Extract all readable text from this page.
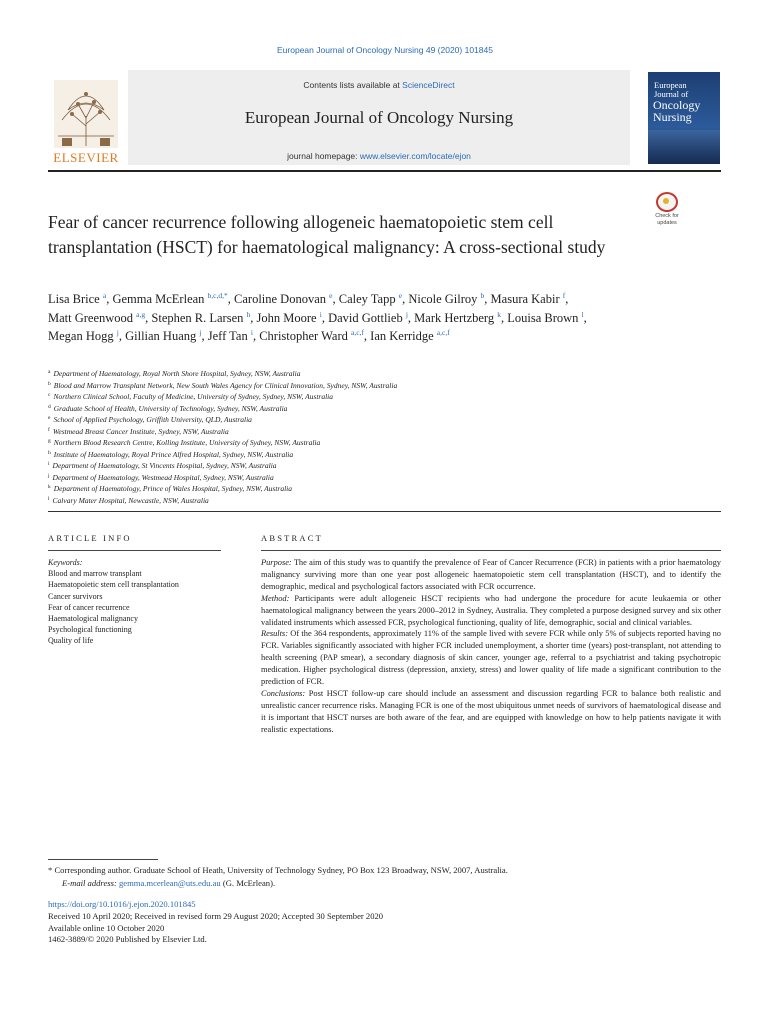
European Journal of Oncology Nursing 49 (2020) 101845
Contents lists available at ScienceDirect
European Journal of Oncology Nursing
journal homepage: www.elsevier.com/locate/ejon
ELSEVIER
European
Journal of
Oncology
Nursing
Check for
updates
Fear of cancer recurrence following allogeneic haematopoietic stem cell transplantation (HSCT) for haematological malignancy: A cross-sectional study
Lisa Brice $^a$, Gemma McErlean $^{b,c,d,*}$, Caroline Donovan $^e$, Caley Tapp $^e$, Nicole Gilroy $^b$, Masura Kabir $^f$, Matt Greenwood $^{a,g}$, Stephen R. Larsen $^h$, John Moore $^i$, David Gottlieb $^j$, Mark Hertzberg $^k$, Louisa Brown $^l$, Megan Hogg $^j$, Gillian Huang $^j$, Jeff Tan $^i$, Christopher Ward $^{a,c,f}$, Ian Kerridge $^{a,c,f}$
$^a$ Department of Haematology, Royal North Shore Hospital, Sydney, NSW, Australia
$^b$ Blood and Marrow Transplant Network, New South Wales Agency for Clinical Innovation, Sydney, NSW, Australia
$^c$ Northern Clinical School, Faculty of Medicine, University of Sydney, Sydney, NSW, Australia
$^d$ Graduate School of Health, University of Technology, Sydney, NSW, Australia
$^e$ School of Applied Psychology, Griffith University, QLD, Australia
$^f$ Westmead Breast Cancer Institute, Sydney, NSW, Australia
$^g$ Northern Blood Research Centre, Kolling Institute, University of Sydney, NSW, Australia
$^h$ Institute of Haematology, Royal Prince Alfred Hospital, Sydney, NSW, Australia
$^i$ Department of Haematology, St Vincents Hospital, Sydney, NSW, Australia
$^j$ Department of Haematology, Westmead Hospital, Sydney, NSW, Australia
$^k$ Department of Haematology, Prince of Wales Hospital, Sydney, NSW, Australia
$^l$ Calvary Mater Hospital, Newcastle, NSW, Australia
ARTICLE INFO	ABSTRACT
Keywords:
Blood and marrow transplant
Haematopoietic stem cell transplantation
Cancer survivors
Fear of cancer recurrence
Haematological malignancy
Psychological functioning
Quality of life
Purpose: The aim of this study was to quantify the prevalence of Fear of Cancer Recurrence (FCR) in patients with a prior haematology malignancy surviving more than one year post allogeneic haematopoietic stem cell transplantation (HSCT), and to identify the demographic, medical and psychological factors associated with FCR occurrence.
Method: Participants were adult allogeneic HSCT recipients who had undergone the procedure for acute leukaemia or other haematological malignancy between the years 2000–2012 in Sydney, Australia. They completed a purpose designed survey and six other validated instruments which assessed FCR, psychological functioning, quality of life, demographic, social and clinical variables.
Results: Of the 364 respondents, approximately 11% of the sample lived with severe FCR while only 5% of subjects reported having no FCR. Variables significantly associated with higher FCR included unemployment, a shorter time (years) post-transplant, not attending to health screening (PAP smear), a secondary diagnosis of skin cancer, younger age, referral to a psychiatrist and taking psychotropic medication. Higher psychological distress (depression, anxiety, stress) and lower quality of life made a significant contribution to the prediction of FCR.
Conclusions: Post HSCT follow-up care should include an assessment and discussion regarding FCR to balance both realistic and unrealistic cancer recurrence risks. Managing FCR is one of the most ubiquitous unmet needs of survivors of haematological disease and it is important that HSCT nurses are both aware of the fear, and are equipped with knowledge on how to help patients navigate it with realistic expectations.
* Corresponding author. Graduate School of Heath, University of Technology Sydney, PO Box 123 Broadway, NSW, 2007, Australia.
E-mail address: gemma.mcerlean@uts.edu.au (G. McErlean).
https://doi.org/10.1016/j.ejon.2020.101845
Received 10 April 2020; Received in revised form 29 August 2020; Accepted 30 September 2020
Available online 10 October 2020
1462-3889/© 2020 Published by Elsevier Ltd.
